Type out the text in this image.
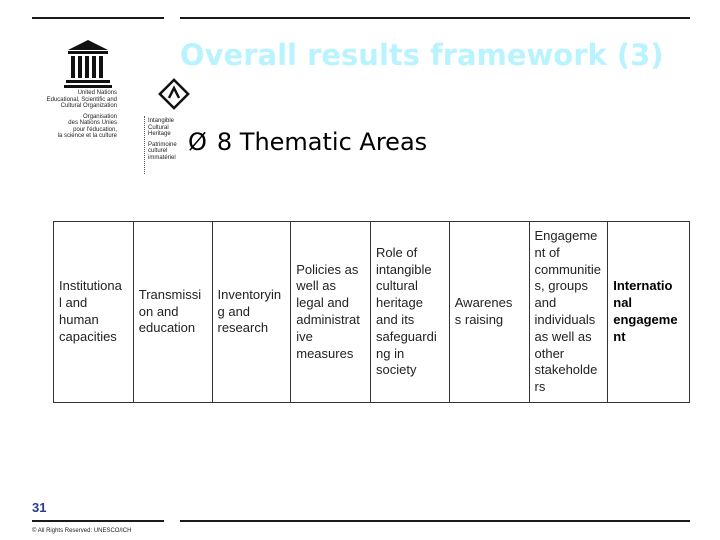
United Nations
Educational, Scientific and
Cultural Organization
Organisation
des Nations Unies
pour l'éducation,
la science et la culture
Intangible
Cultural
Heritage
Patrimoine
culturel
immatériel
Overall results framework (3)
Ø 8 Thematic Areas
Institutiona
l and
human
capacities
Transmissi
on and
education
Inventoryin
g and
research
Policies as
well as
legal and
administrat
ive
measures
Role of
intangible
cultural
heritage
and its
safeguardi
ng in
society
Awarenes
s raising
Engageme
nt of
communitie
s, groups
and
individuals
as well as
other
stakeholde
rs
Internatio
nal
engageme
nt
31
© All Rights Reserved: UNESCO/ICH
